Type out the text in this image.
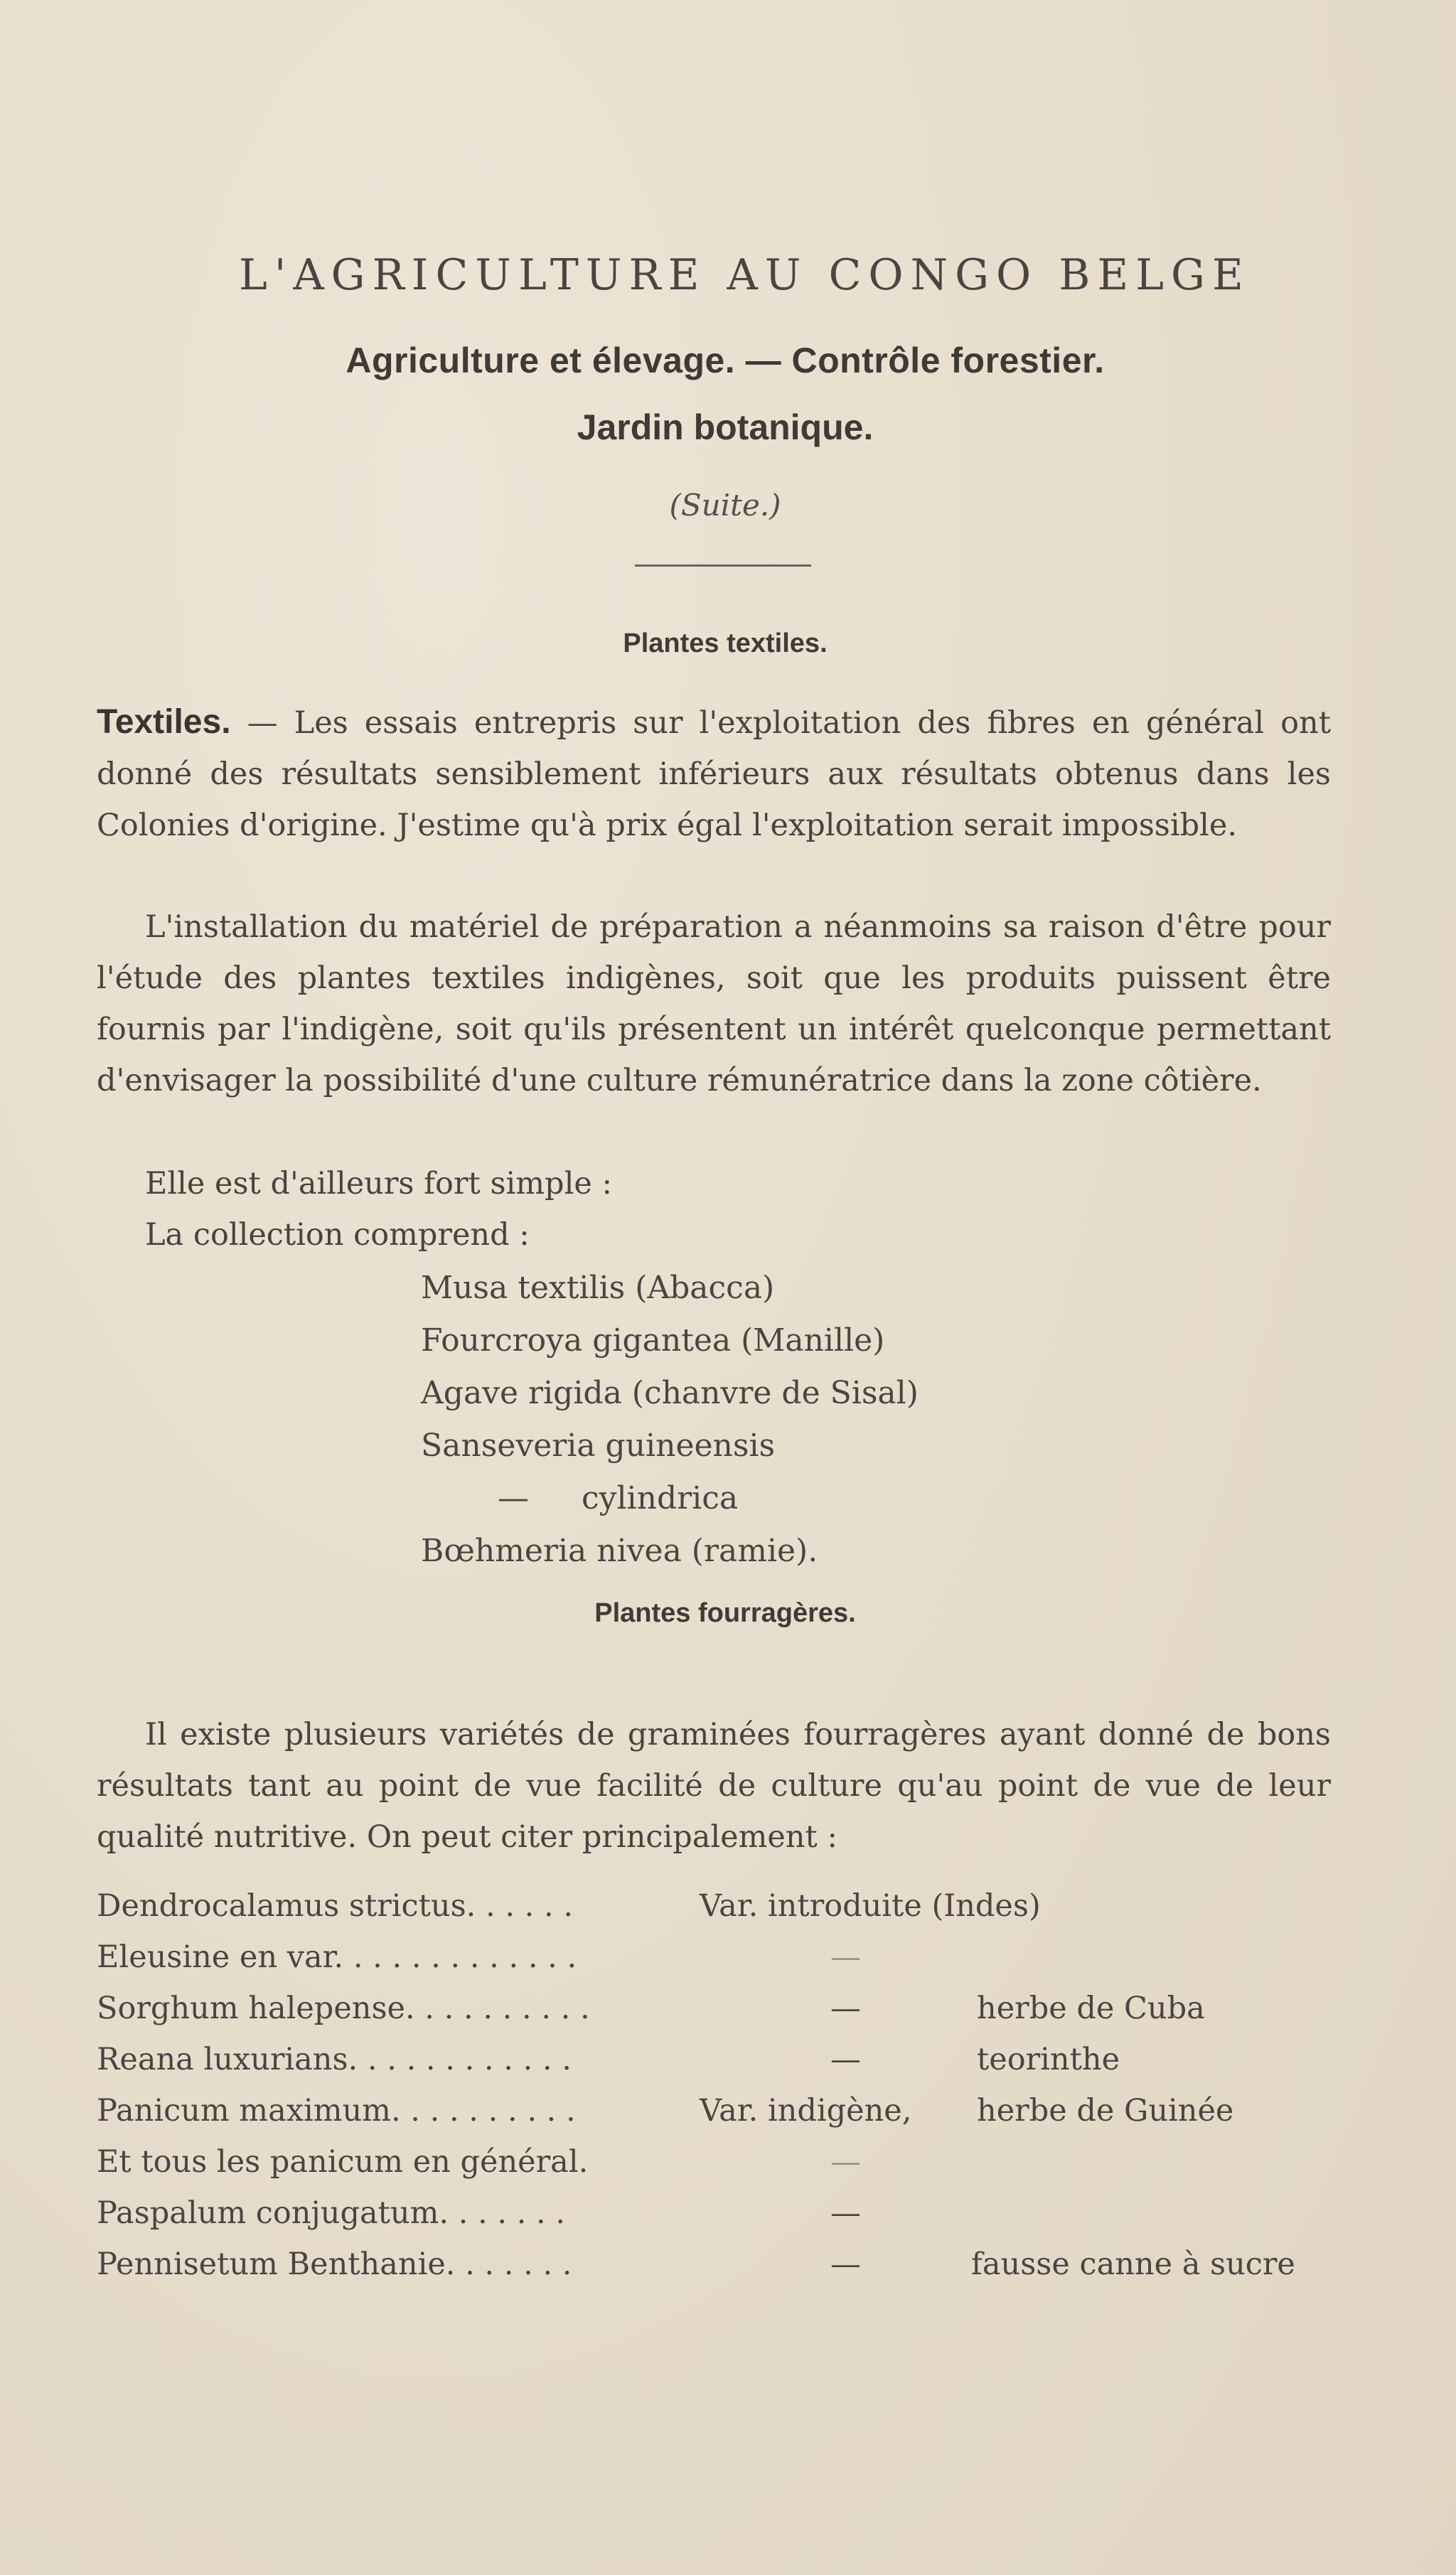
L'AGRICULTURE AU CONGO BELGE
Agriculture et élevage. — Contrôle forestier.
Jardin botanique.
(Suite.)
Plantes textiles.
Textiles. — Les essais entrepris sur l'exploitation des fibres en général ont donné des résultats sensiblement inférieurs aux résultats obtenus dans les Colonies d'origine. J'estime qu'à prix égal l'exploitation serait impossible.
L'installation du matériel de préparation a néanmoins sa raison d'être pour l'étude des plantes textiles indigènes, soit que les produits puissent être fournis par l'indigène, soit qu'ils présentent un intérêt quelconque permettant d'envisager la possibilité d'une culture rémunératrice dans la zone côtière.
Elle est d'ailleurs fort simple :
La collection comprend :
Musa textilis (Abacca)
Fourcroya gigantea (Manille)
Agave rigida (chanvre de Sisal)
Sanseveria guineensis
— cylindrica
Bœhmeria nivea (ramie).
Plantes fourragères.
Il existe plusieurs variétés de graminées fourragères ayant donné de bons résultats tant au point de vue facilité de culture qu'au point de vue de leur qualité nutritive. On peut citer principalement :
Dendrocalamus strictus. . . . . .	Var. introduite (Indes)
Eleusine en var. . . . . . . . . . . . .	—
Sorghum halepense. . . . . . . . . .	—	herbe de Cuba
Reana luxurians. . . . . . . . . . . .	—	teorinthe
Panicum maximum. . . . . . . . . .	Var. indigène, herbe de Guinée
Et tous les panicum en général.	—
Paspalum conjugatum. . . . . . .	—
Pennisetum Benthanie. . . . . . .	—	fausse canne à sucre
